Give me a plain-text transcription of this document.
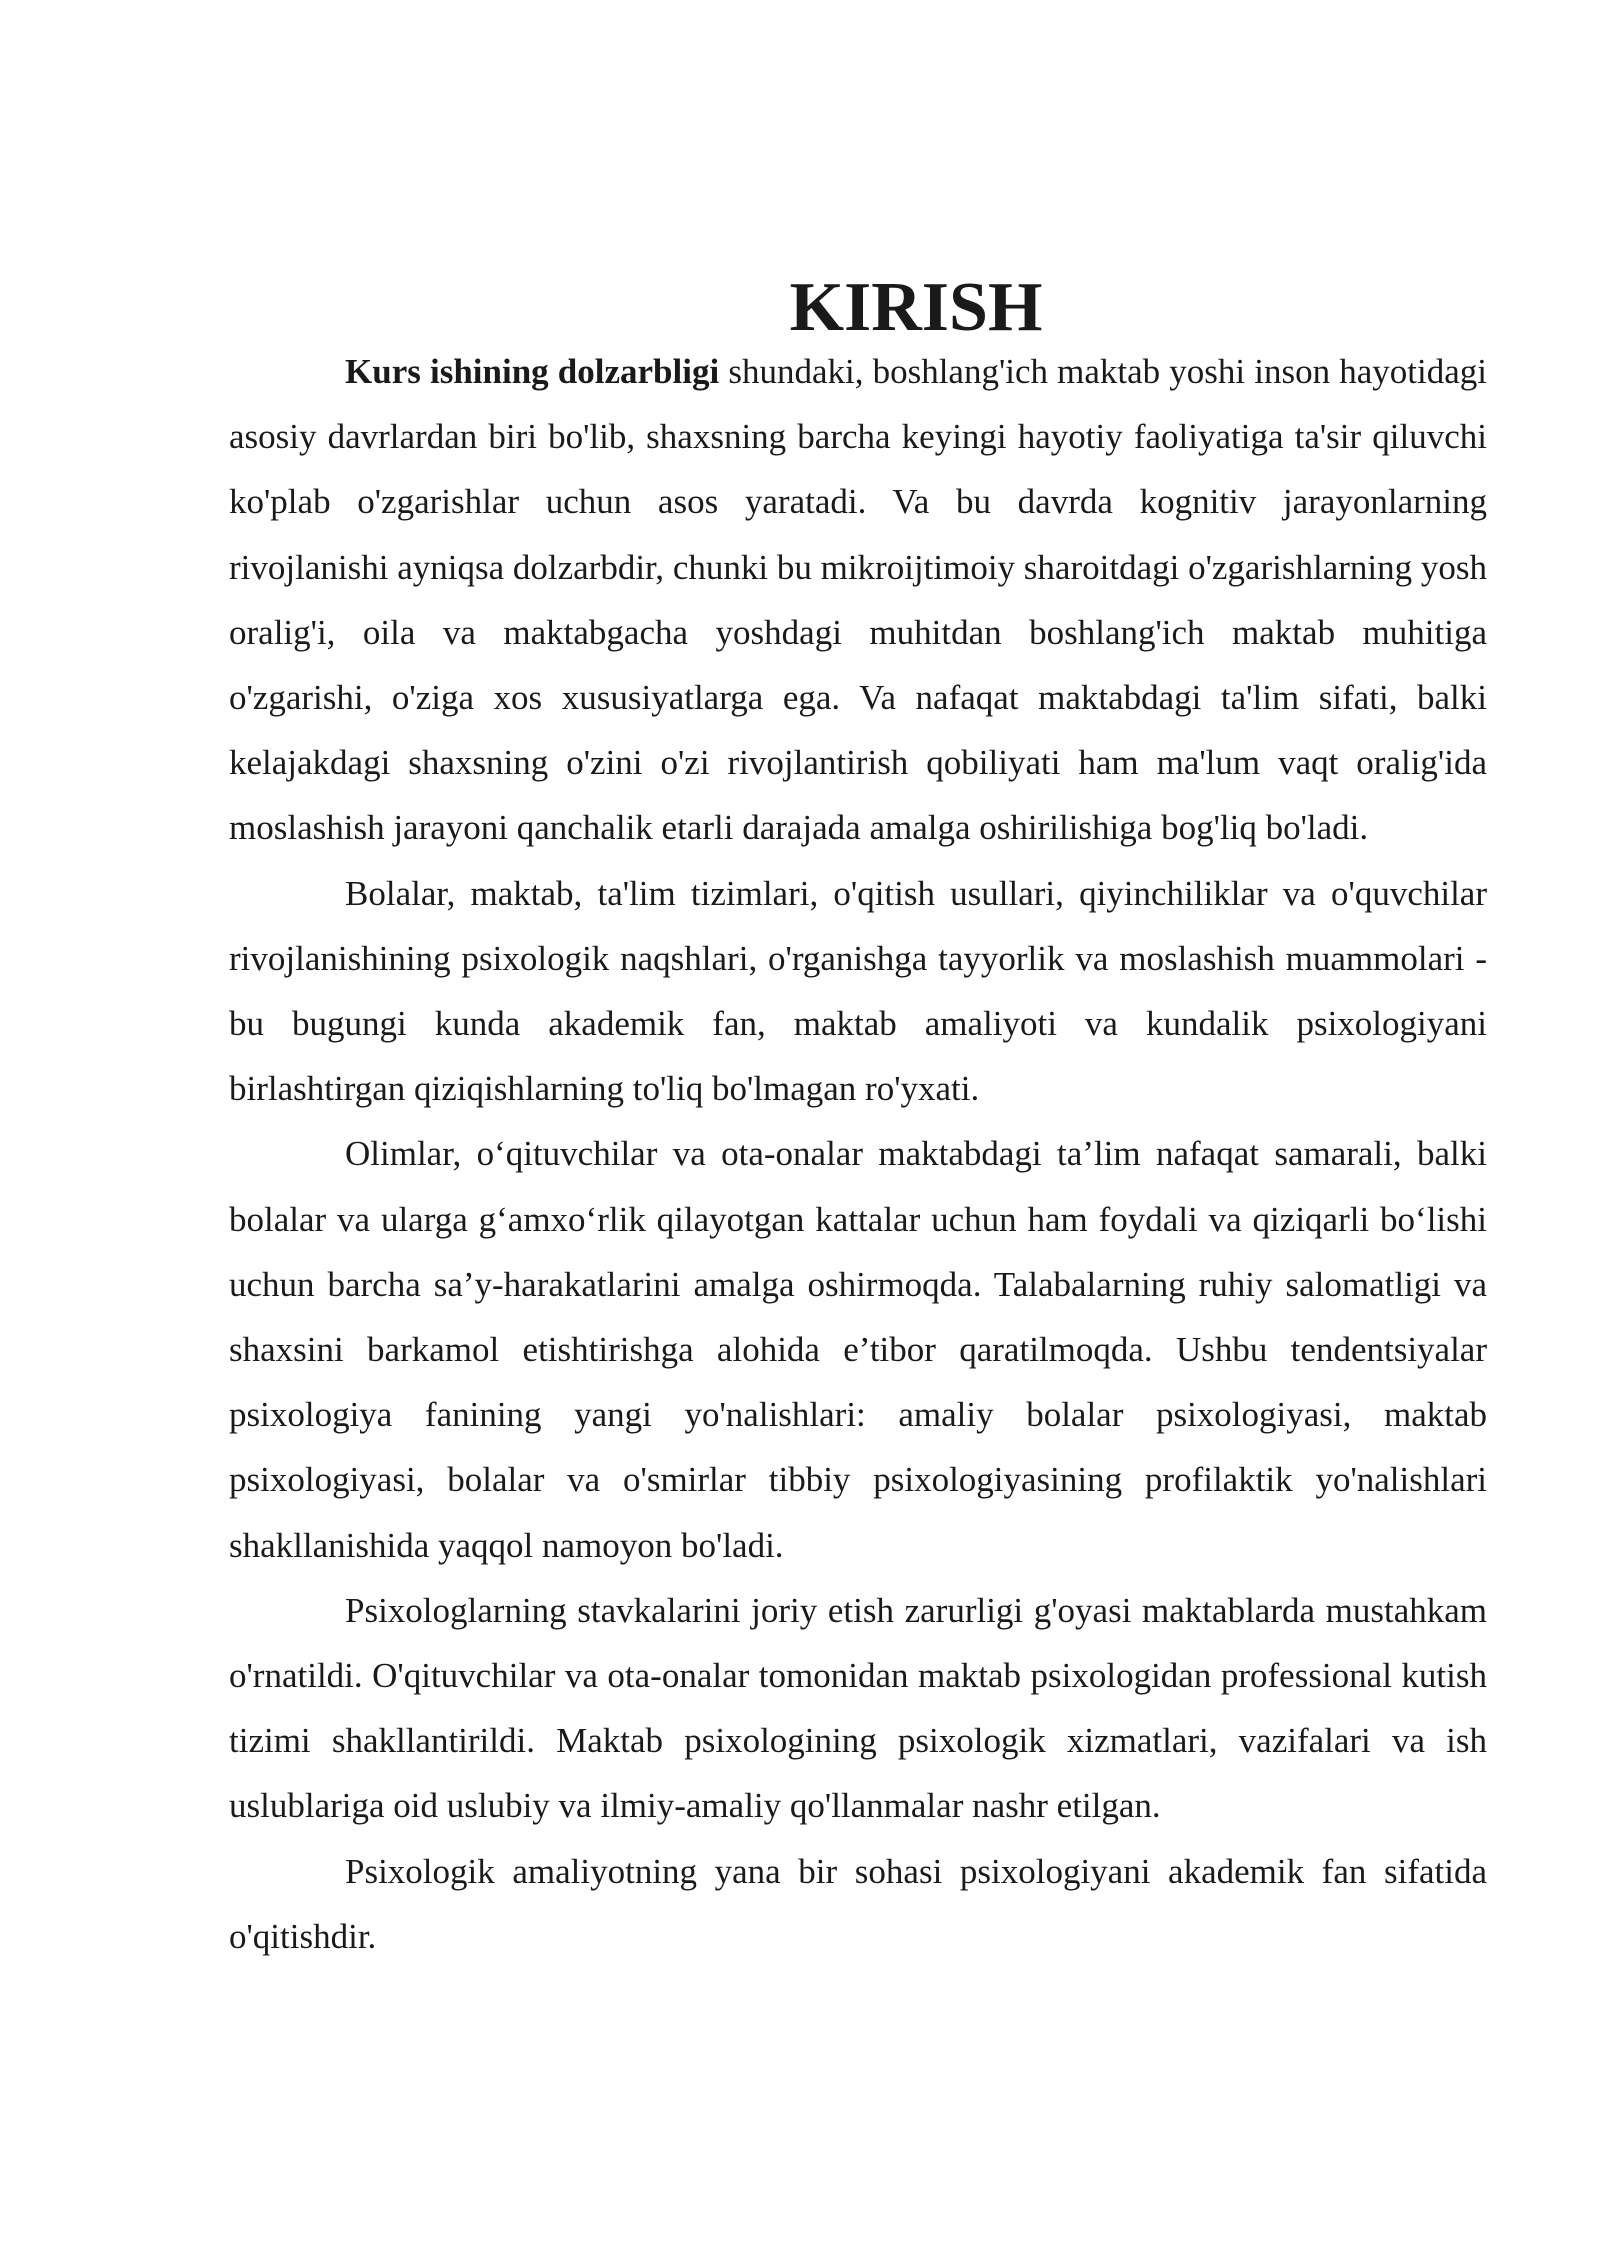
KIRISH

Kurs ishining dolzarbligi shundaki, boshlang'ich maktab yoshi inson hayotidagi asosiy davrlardan biri bo'lib, shaxsning barcha keyingi hayotiy faoliyatiga ta'sir qiluvchi ko'plab o'zgarishlar uchun asos yaratadi. Va bu davrda kognitiv jarayonlarning rivojlanishi ayniqsa dolzarbdir, chunki bu mikroijtimoiy sharoitdagi o'zgarishlarning yosh oralig'i, oila va maktabgacha yoshdagi muhitdan boshlang'ich maktab muhitiga o'zgarishi, o'ziga xos xususiyatlarga ega. Va nafaqat maktabdagi ta'lim sifati, balki kelajakdagi shaxsning o'zini o'zi rivojlantirish qobiliyati ham ma'lum vaqt oralig'ida moslashish jarayoni qanchalik etarli darajada amalga oshirilishiga bog'liq bo'ladi.

Bolalar, maktab, ta'lim tizimlari, o'qitish usullari, qiyinchiliklar va o'quvchilar rivojlanishining psixologik naqshlari, o'rganishga tayyorlik va moslashish muammolari - bu bugungi kunda akademik fan, maktab amaliyoti va kundalik psixologiyani birlashtirgan qiziqishlarning to'liq bo'lmagan ro'yxati.

Olimlar, o‘qituvchilar va ota-onalar maktabdagi ta’lim nafaqat samarali, balki bolalar va ularga g‘amxo‘rlik qilayotgan kattalar uchun ham foydali va qiziqarli bo‘lishi uchun barcha sa’y-harakatlarini amalga oshirmoqda. Talabalarning ruhiy salomatligi va shaxsini barkamol etishtirishga alohida e’tibor qaratilmoqda. Ushbu tendentsiyalar psixologiya fanining yangi yo'nalishlari: amaliy bolalar psixologiyasi, maktab psixologiyasi, bolalar va o'smirlar tibbiy psixologiyasining profilaktik yo'nalishlari shakllanishida yaqqol namoyon bo'ladi.

Psixologlarning stavkalarini joriy etish zarurligi g'oyasi maktablarda mustahkam o'rnatildi. O'qituvchilar va ota-onalar tomonidan maktab psixologidan professional kutish tizimi shakllantirildi. Maktab psixologining psixologik xizmatlari, vazifalari va ish uslublariga oid uslubiy va ilmiy-amaliy qo'llanmalar nashr etilgan.

Psixologik amaliyotning yana bir sohasi psixologiyani akademik fan sifatida o'qitishdir.
